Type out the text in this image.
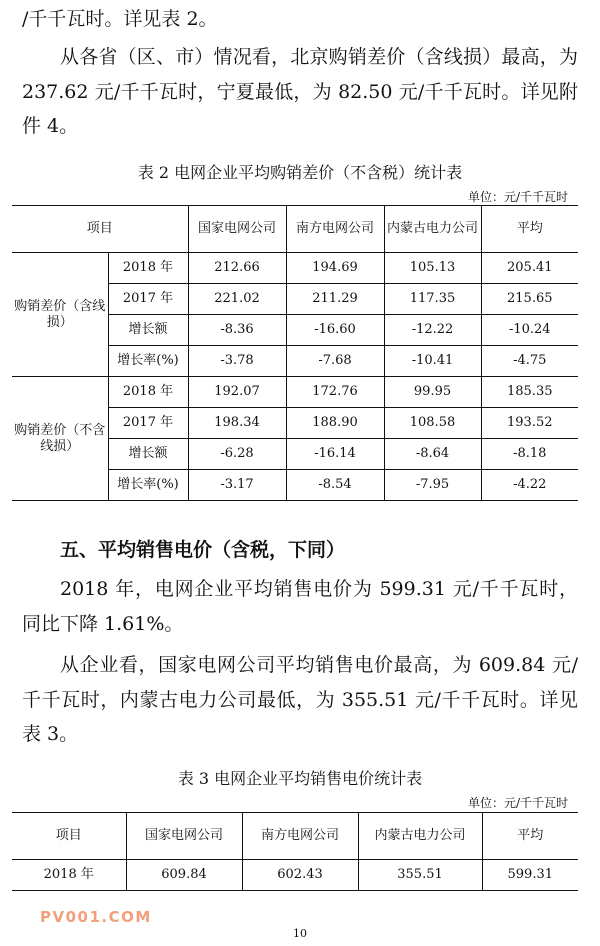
/千千瓦时。详见表 2。

从各省（区、市）情况看，北京购销差价（含线损）最高，为 237.62 元/千千瓦时，宁夏最低，为 82.50 元/千千瓦时。详见附件 4。

表 2 电网企业平均购销差价（不含税）统计表

单位：元/千千瓦时

项目		国家电网公司	南方电网公司	内蒙古电力公司	平均
购销差价（含线损）	2018 年	212.66	194.69	105.13	205.41
	2017 年	221.02	211.29	117.35	215.65
	增长额	-8.36	-16.60	-12.22	-10.24
	增长率(%)	-3.78	-7.68	-10.41	-4.75
购销差价（不含线损）	2018 年	192.07	172.76	99.95	185.35
	2017 年	198.34	188.90	108.58	193.52
	增长额	-6.28	-16.14	-8.64	-8.18
	增长率(%)	-3.17	-8.54	-7.95	-4.22

五、平均销售电价（含税，下同）

2018 年，电网企业平均销售电价为 599.31 元/千千瓦时，同比下降 1.61%。

从企业看，国家电网公司平均销售电价最高，为 609.84 元/千千瓦时，内蒙古电力公司最低，为 355.51 元/千千瓦时。详见表 3。

表 3 电网企业平均销售电价统计表

单位：元/千千瓦时

项目	国家电网公司	南方电网公司	内蒙古电力公司	平均
2018 年	609.84	602.43	355.51	599.31

PV001.COM

10
